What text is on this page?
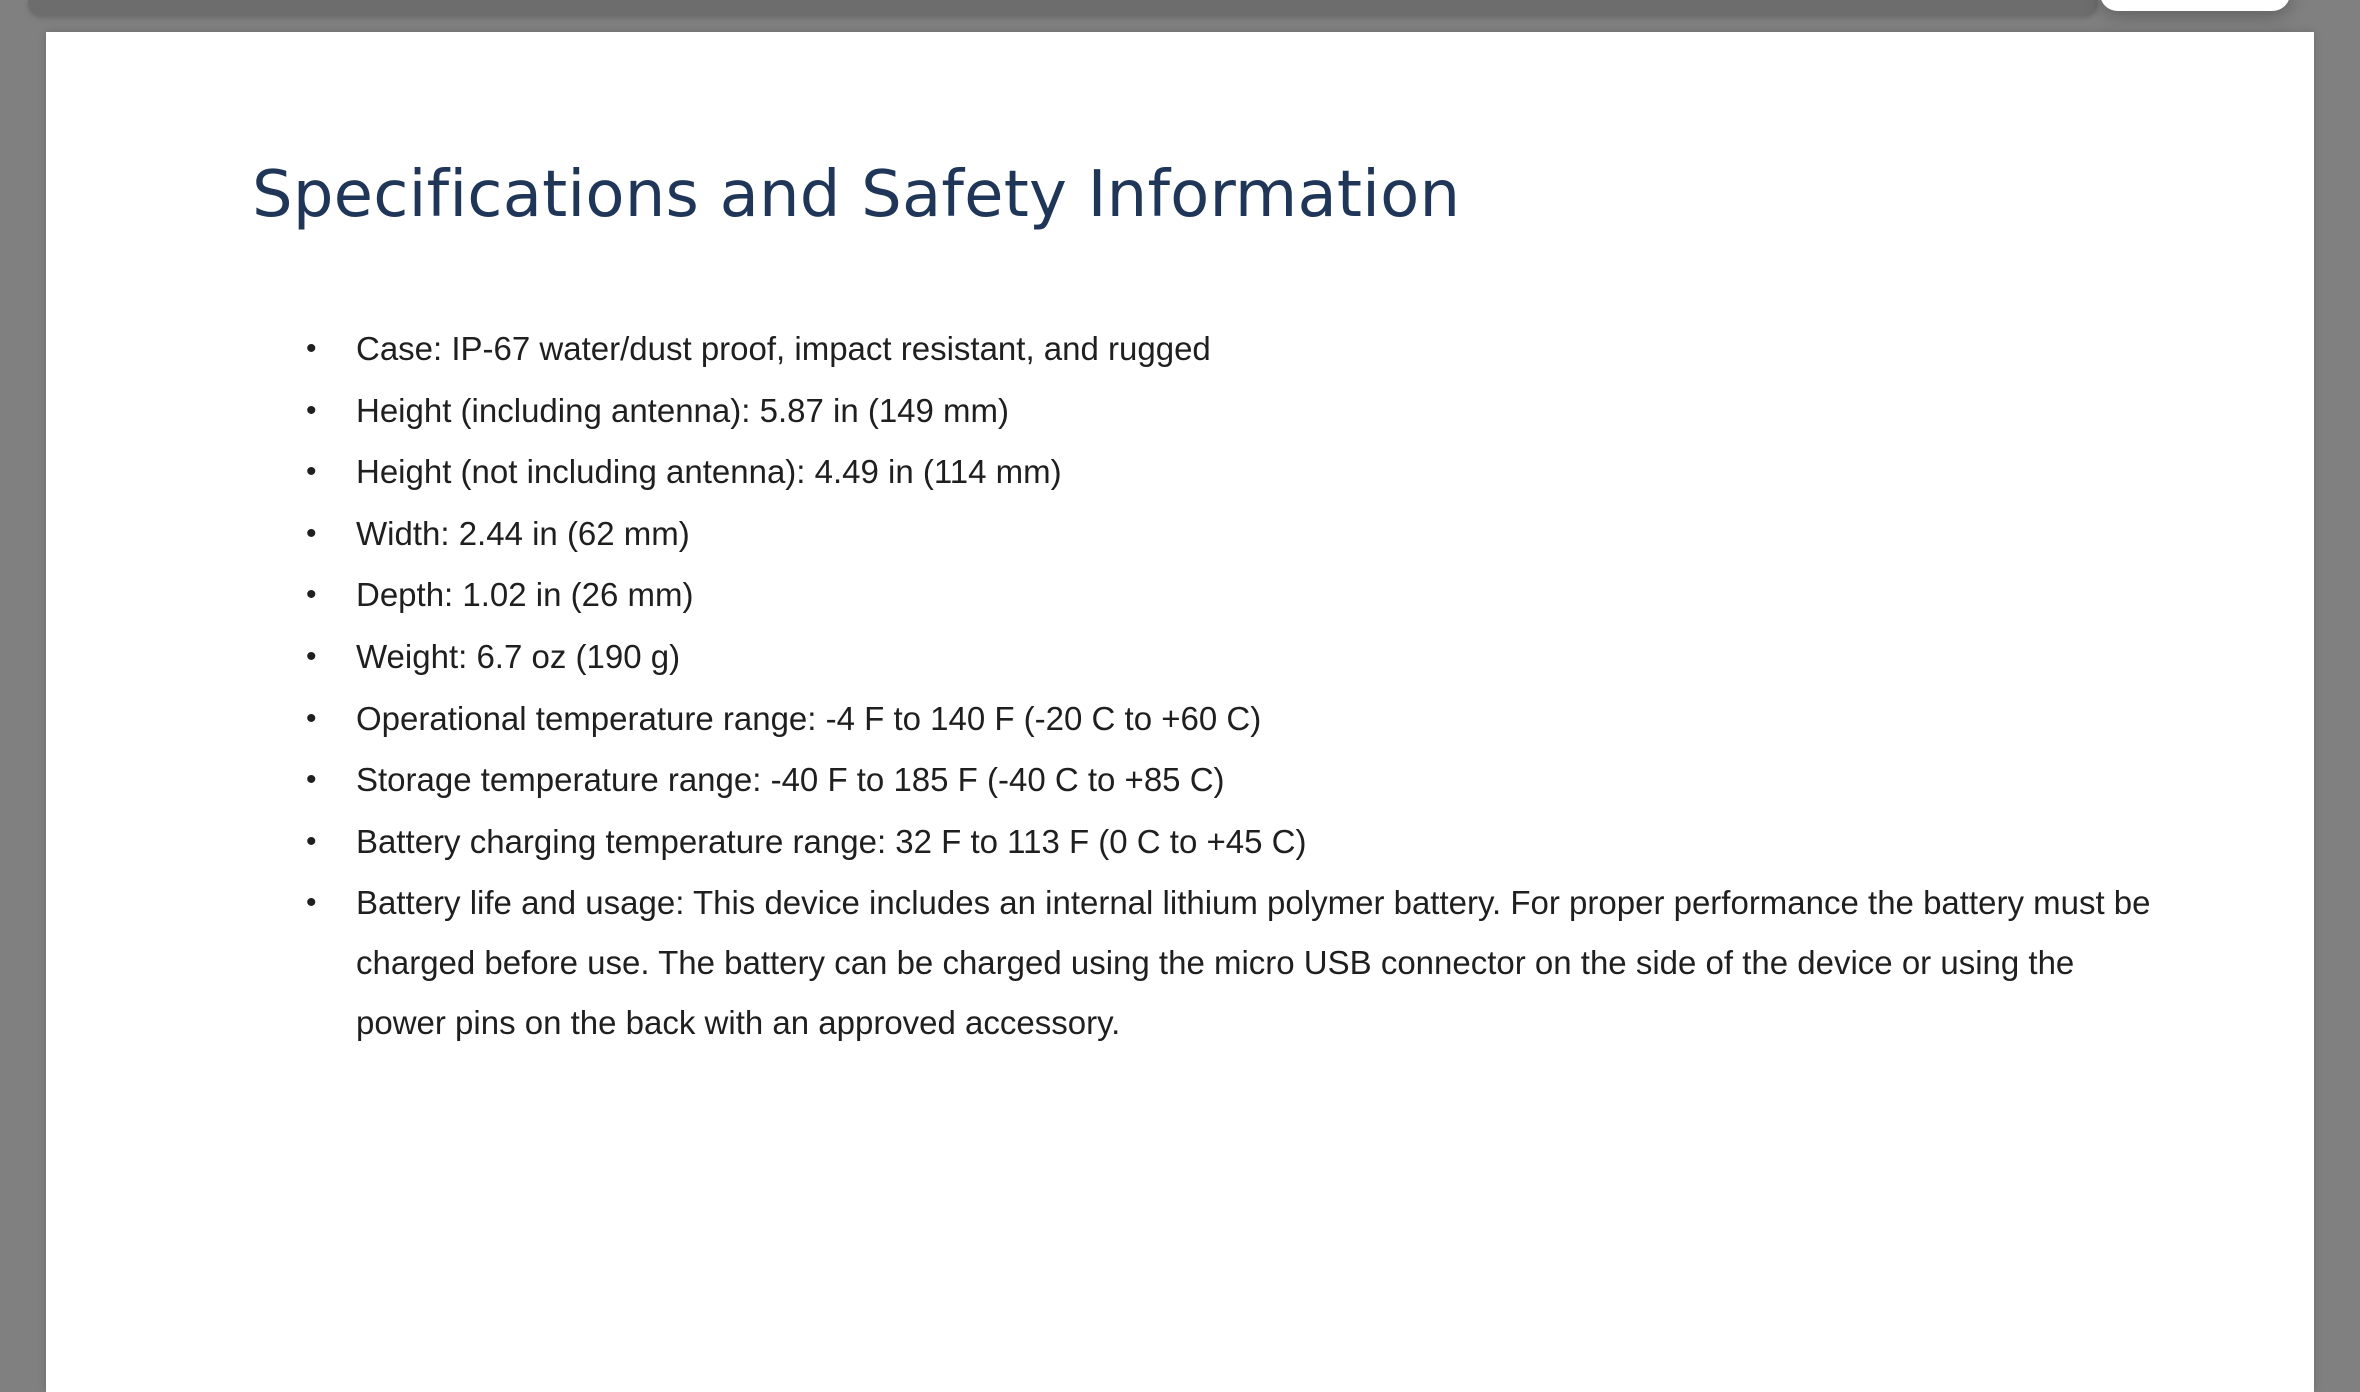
Specifications and Safety Information
• Case: IP-67 water/dust proof, impact resistant, and rugged
• Height (including antenna): 5.87 in (149 mm)
• Height (not including antenna): 4.49 in (114 mm)
• Width: 2.44 in (62 mm)
• Depth: 1.02 in (26 mm)
• Weight: 6.7 oz (190 g)
• Operational temperature range: -4 F to 140 F (-20 C to +60 C)
• Storage temperature range: -40 F to 185 F (-40 C to +85 C)
• Battery charging temperature range: 32 F to 113 F (0 C to +45 C)
• Battery life and usage: This device includes an internal lithium polymer battery. For proper performance the battery must be charged before use. The battery can be charged using the micro USB connector on the side of the device or using the power pins on the back with an approved accessory.
